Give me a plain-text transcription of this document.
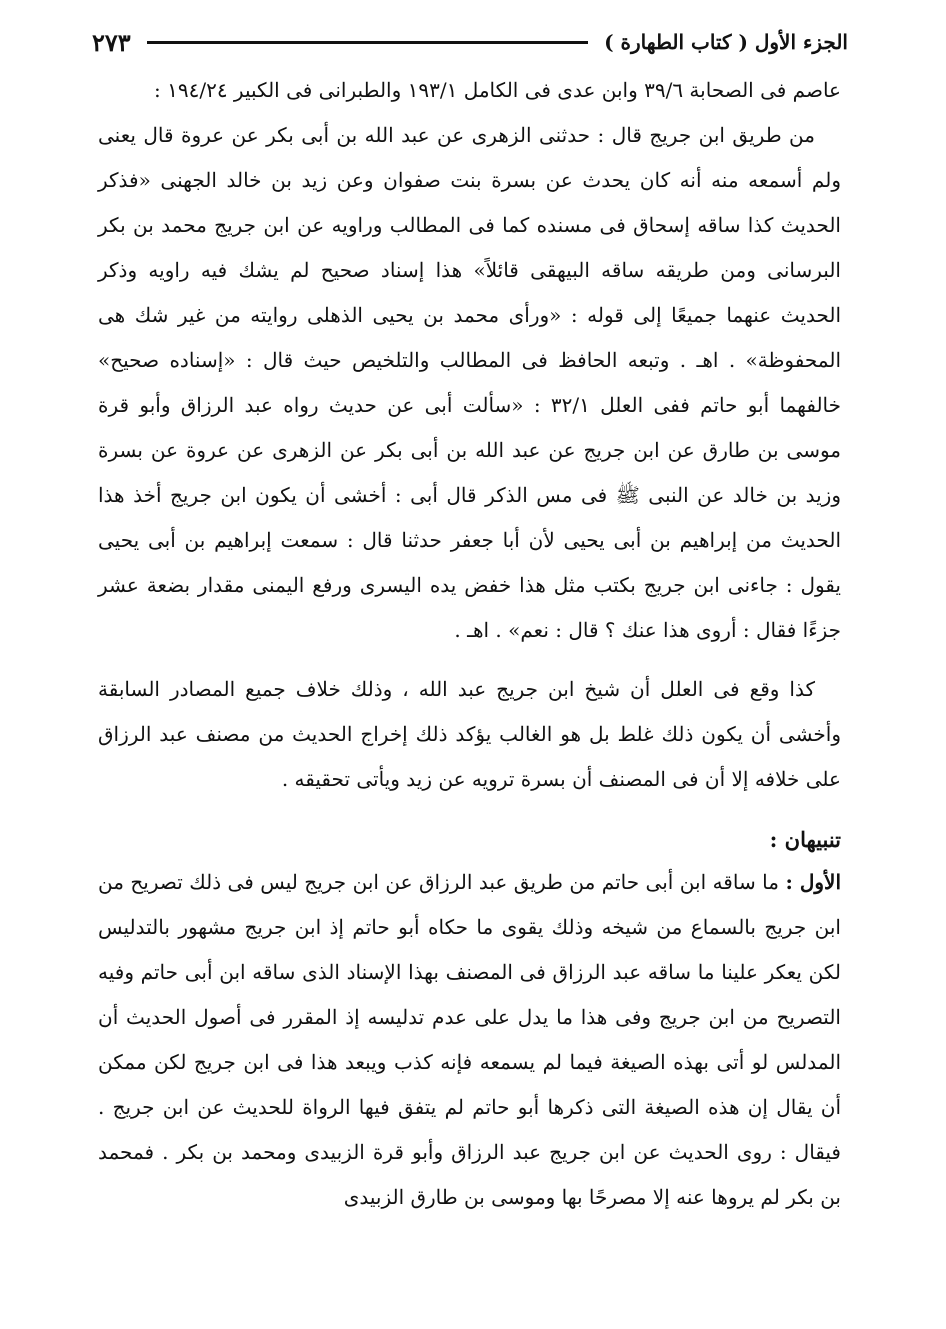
الجزء الأول ( كتاب الطهارة )
٢٧٣

عاصم فى الصحابة ٣٩/٦ وابن عدى فى الكامل ١٩٣/١ والطبرانى فى الكبير ١٩٤/٢٤ :

من طريق ابن جريج قال : حدثنى الزهرى عن عبد الله بن أبى بكر عن عروة قال يعنى ولم أسمعه منه أنه كان يحدث عن بسرة بنت صفوان وعن زيد بن خالد الجهنى «فذكر الحديث كذا ساقه إسحاق فى مسنده كما فى المطالب وراويه عن ابن جريج محمد بن بكر البرسانى ومن طريقه ساقه البيهقى قائلاً» هذا إسناد صحيح لم يشك فيه راويه وذكر الحديث عنهما جميعًا إلى قوله : «ورأى محمد بن يحيى الذهلى روايته من غير شك هى المحفوظة» . اهـ . وتبعه الحافظ فى المطالب والتلخيص حيث قال : «إسناده صحيح» خالفهما أبو حاتم ففى العلل ٣٢/١ : «سألت أبى عن حديث رواه عبد الرزاق وأبو قرة موسى بن طارق عن ابن جريج عن عبد الله بن أبى بكر عن الزهرى عن عروة عن بسرة وزيد بن خالد عن النبى ﷺ فى مس الذكر قال أبى : أخشى أن يكون ابن جريج أخذ هذا الحديث من إبراهيم بن أبى يحيى لأن أبا جعفر حدثنا قال : سمعت إبراهيم بن أبى يحيى يقول : جاءنى ابن جريج بكتب مثل هذا خفض يده اليسرى ورفع اليمنى مقدار بضعة عشر جزءًا فقال : أروى هذا عنك ؟ قال : نعم» . اهـ .

كذا وقع فى العلل أن شيخ ابن جريج عبد الله ، وذلك خلاف جميع المصادر السابقة وأخشى أن يكون ذلك غلط بل هو الغالب يؤكد ذلك إخراج الحديث من مصنف عبد الرزاق على خلافه إلا أن فى المصنف أن بسرة ترويه عن زيد ويأتى تحقيقه .

تنبيهان :

الأول : ما ساقه ابن أبى حاتم من طريق عبد الرزاق عن ابن جريج ليس فى ذلك تصريح من ابن جريج بالسماع من شيخه وذلك يقوى ما حكاه أبو حاتم إذ ابن جريج مشهور بالتدليس لكن يعكر علينا ما ساقه عبد الرزاق فى المصنف بهذا الإسناد الذى ساقه ابن أبى حاتم وفيه التصريح من ابن جريج وفى هذا ما يدل على عدم تدليسه إذ المقرر فى أصول الحديث أن المدلس لو أتى بهذه الصيغة فيما لم يسمعه فإنه كذب ويبعد هذا فى ابن جريج لكن ممكن أن يقال إن هذه الصيغة التى ذكرها أبو حاتم لم يتفق فيها الرواة للحديث عن ابن جريج . فيقال : روى الحديث عن ابن جريج عبد الرزاق وأبو قرة الزبيدى ومحمد بن بكر . فمحمد بن بكر لم يروها عنه إلا مصرحًا بها وموسى بن طارق الزبيدى
